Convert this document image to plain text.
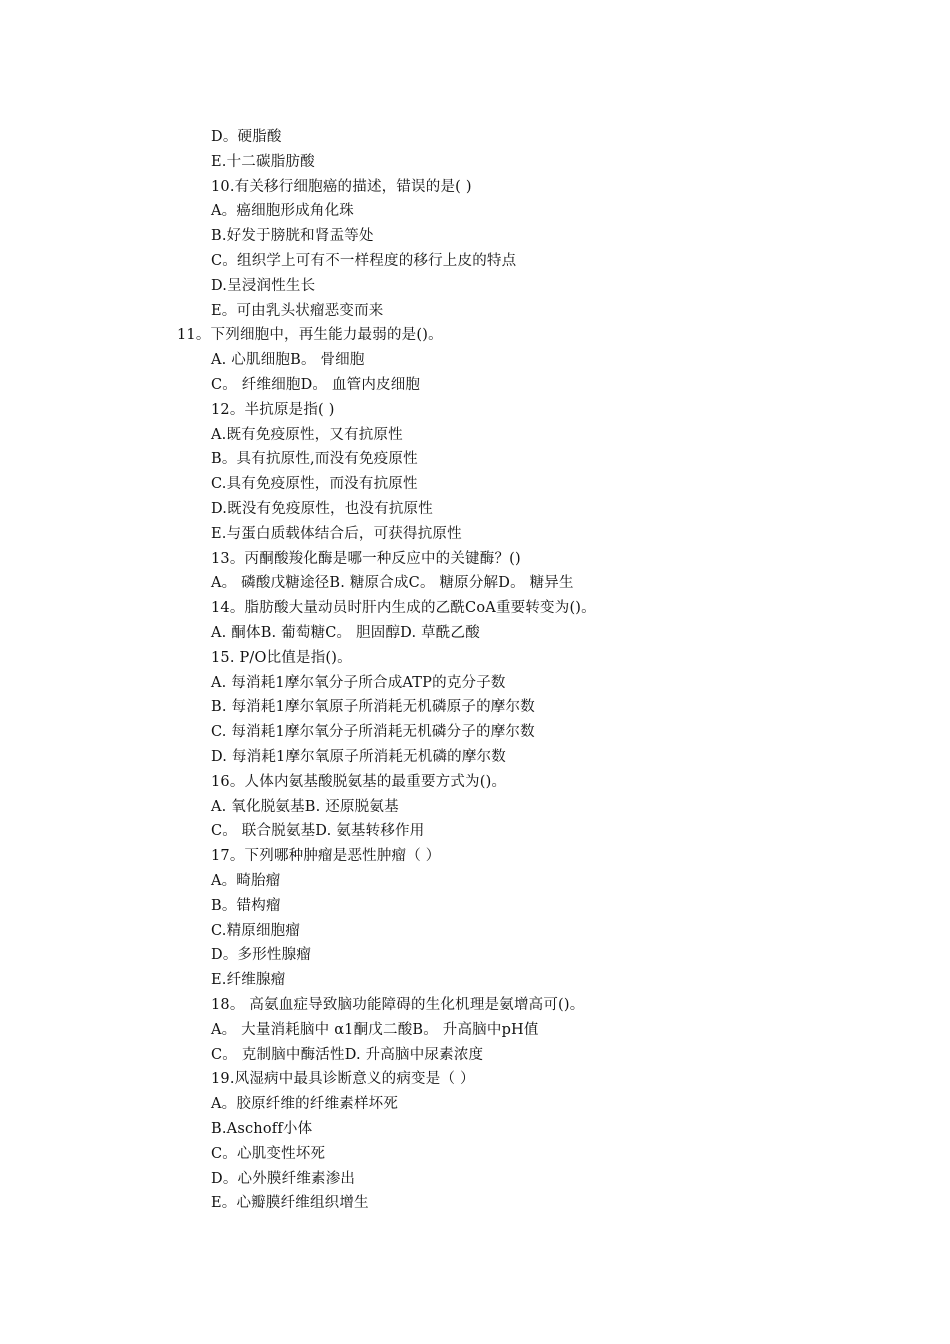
D。硬脂酸
E.十二碳脂肪酸
10.有关移行细胞癌的描述，错误的是( )
A。癌细胞形成角化珠
B.好发于膀胱和肾盂等处
C。组织学上可有不一样程度的移行上皮的特点
D.呈浸润性生长
E。可由乳头状瘤恶变而来
11。下列细胞中，再生能力最弱的是()。
A. 心肌细胞B。 骨细胞
C。 纤维细胞D。 血管内皮细胞
12。半抗原是指( )
A.既有免疫原性，又有抗原性
B。具有抗原性,而没有免疫原性
C.具有免疫原性，而没有抗原性
D.既没有免疫原性，也没有抗原性
E.与蛋白质载体结合后，可获得抗原性
13。丙酮酸羧化酶是哪一种反应中的关键酶？()
A。 磷酸戊糖途径B. 糖原合成C。 糖原分解D。 糖异生
14。脂肪酸大量动员时肝内生成的乙酰CoA重要转变为()。
A. 酮体B. 葡萄糖C。 胆固醇D. 草酰乙酸
15. P/O比值是指()。
A. 每消耗1摩尔氧分子所合成ATP的克分子数
B. 每消耗1摩尔氧原子所消耗无机磷原子的摩尔数
C. 每消耗1摩尔氧分子所消耗无机磷分子的摩尔数
D. 每消耗1摩尔氧原子所消耗无机磷的摩尔数
16。人体内氨基酸脱氨基的最重要方式为()。
A. 氧化脱氨基B. 还原脱氨基
C。 联合脱氨基D. 氨基转移作用
17。下列哪种肿瘤是恶性肿瘤（ ）
A。畸胎瘤
B。错构瘤
C.精原细胞瘤
D。多形性腺瘤
E.纤维腺瘤
18。 高氨血症导致脑功能障碍的生化机理是氨增高可()。
A。 大量消耗脑中 α1酮戊二酸B。 升高脑中pH值
C。 克制脑中酶活性D. 升高脑中尿素浓度
19.风湿病中最具诊断意义的病变是（ ）
A。胶原纤维的纤维素样坏死
B.Aschoff小体
C。心肌变性坏死
D。心外膜纤维素渗出
E。心瓣膜纤维组织增生
